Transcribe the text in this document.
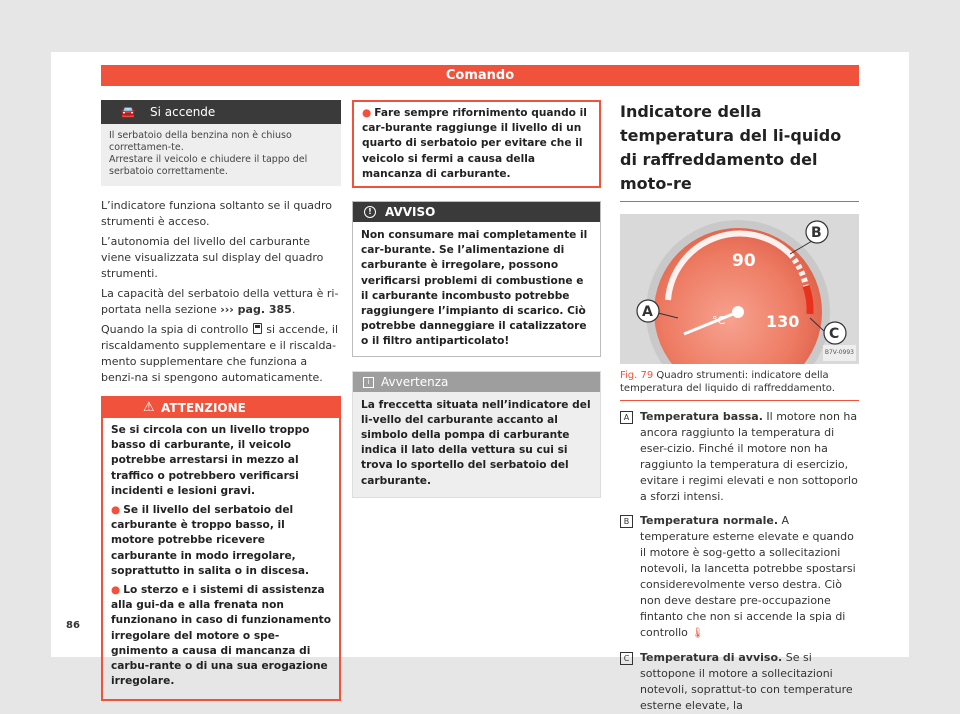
Comando
🚘	Si accende
Il serbatoio della benzina non è chiuso correttamen-te.
Arrestare il veicolo e chiudere il tappo del serbatoio correttamente.

L’indicatore funziona soltanto se il quadro strumenti è acceso.

L’autonomia del livello del carburante viene visualizzata sul display del quadro strumenti.

La capacità del serbatoio della vettura è ri-portata nella sezione ››› pag. 385.

Quando la spia di controllo  si accende, il riscaldamento supplementare e il riscalda-mento supplementare che funziona a benzi-na si spengono automaticamente.

⚠ ATTENZIONE

Se si circola con un livello troppo basso di carburante, il veicolo potrebbe arrestarsi in mezzo al traffico o potrebbero verificarsi incidenti e lesioni gravi.

● Se il livello del serbatoio del carburante è troppo basso, il motore potrebbe ricevere carburante in modo irregolare, soprattutto in salita o in discesa.

● Lo sterzo e i sistemi di assistenza alla gui-da e alla frenata non funzionano in caso di funzionamento irregolare del motore o spe-gnimento a causa di mancanza di carbu-rante o di una sua erogazione irregolare.

● Fare sempre rifornimento quando il car-burante raggiunge il livello di un quarto di serbatoio per evitare che il veicolo si fermi a causa della mancanza di carburante.
!	AVVISO
Non consumare mai completamente il car-burante. Se l’alimentazione di carburante è irregolare, possono verificarsi problemi di combustione e il carburante incombusto potrebbe raggiungere l’impianto di scarico. Ciò potrebbe danneggiare il catalizzatore o il filtro antiparticolato!
i Avvertenza
La freccetta situata nell’indicatore del li-vello del carburante accanto al simbolo della pompa di carburante indica il lato della vettura su cui si trova lo sportello del serbatoio del carburante.
Indicatore della temperatura del li-quido di raffreddamento del moto-re
90
130
°C
A
B
C
B7V-0993
Fig. 79 Quadro strumenti: indicatore della temperatura del liquido di raffreddamento.
A Temperatura bassa. Il motore non ha ancora raggiunto la temperatura di eser-cizio. Finché il motore non ha raggiunto la temperatura di esercizio, evitare i regimi elevati e non sottoporlo a sforzi intensi.
B Temperatura normale. A temperature esterne elevate e quando il motore è sog-getto a sollecitazioni notevoli, la lancetta potrebbe spostarsi considerevolmente verso destra. Ciò non deve destare pre-occupazione fintanto che non si accende la spia di controllo 🌡
C Temperatura di avviso. Se si sottopone il motore a sollecitazioni notevoli, soprattut-to con temperature esterne elevate, la
86
